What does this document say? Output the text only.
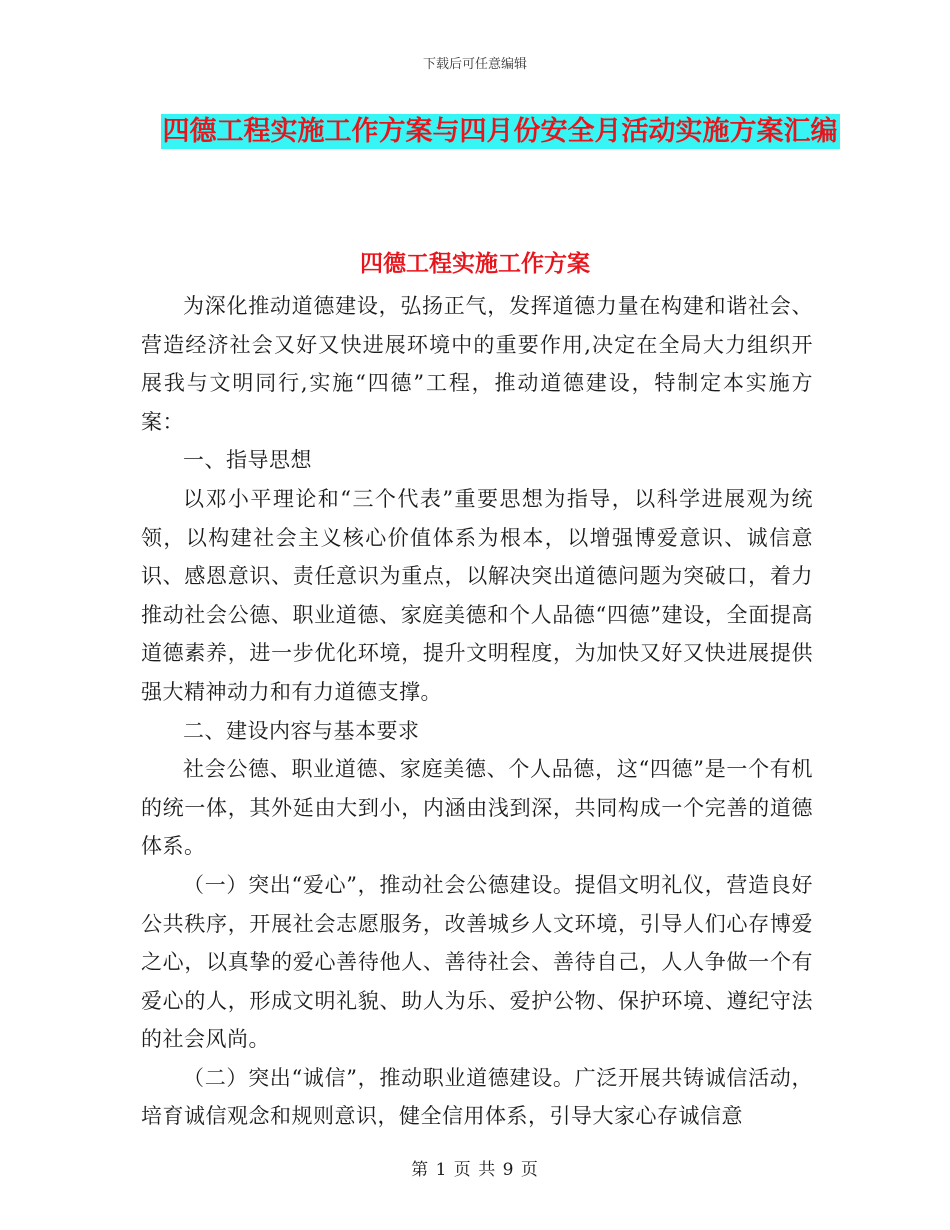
下载后可任意编辑
四德工程实施工作方案与四月份安全月活动实施方案汇编
四德工程实施工作方案

为深化推动道德建设，弘扬正气，发挥道德力量在构建和谐社会、营造经济社会又好又快进展环境中的重要作用,决定在全局大力组织开展我与文明同行,实施“四德”工程，推动道德建设，特制定本实施方案：

一、指导思想

以邓小平理论和“三个代表”重要思想为指导，以科学进展观为统领，以构建社会主义核心价值体系为根本，以增强博爱意识、诚信意识、感恩意识、责任意识为重点，以解决突出道德问题为突破口，着力推动社会公德、职业道德、家庭美德和个人品德“四德”建设，全面提高道德素养，进一步优化环境，提升文明程度，为加快又好又快进展提供强大精神动力和有力道德支撑。

二、建设内容与基本要求

社会公德、职业道德、家庭美德、个人品德，这“四德”是一个有机的统一体，其外延由大到小，内涵由浅到深，共同构成一个完善的道德体系。

（一）突出“爱心”，推动社会公德建设。提倡文明礼仪，营造良好公共秩序，开展社会志愿服务，改善城乡人文环境，引导人们心存博爱之心，以真挚的爱心善待他人、善待社会、善待自己，人人争做一个有爱心的人，形成文明礼貌、助人为乐、爱护公物、保护环境、遵纪守法的社会风尚。

（二）突出“诚信”，推动职业道德建设。广泛开展共铸诚信活动，培育诚信观念和规则意识，健全信用体系，引导大家心存诚信意

第 1 页 共 9 页
